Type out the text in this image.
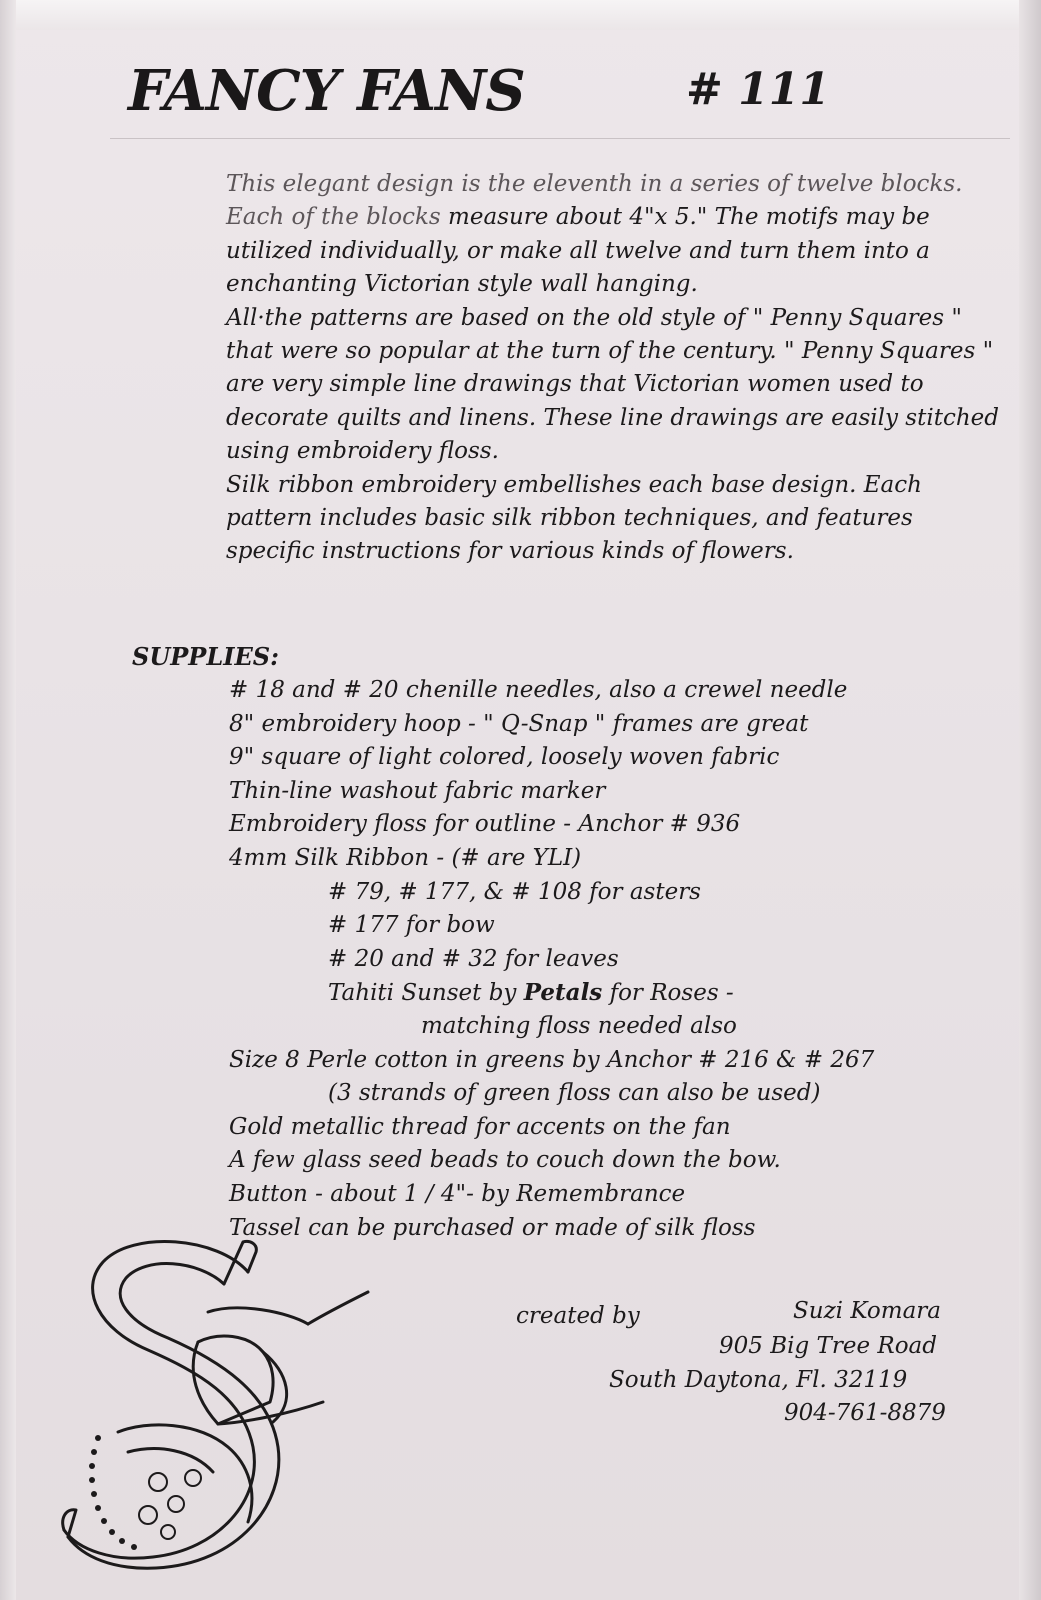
FANCY FANS	# 111

This elegant design is the eleventh in a series of twelve blocks. Each of the blocks measure about 4"x 5." The motifs may be utilized individually, or make all twelve and turn them into a enchanting Victorian style wall hanging.

All·the patterns are based on the old style of " Penny Squares " that were so popular at the turn of the century. " Penny Squares " are very simple line drawings that Victorian women used to decorate quilts and linens. These line drawings are easily stitched using embroidery floss.

Silk ribbon embroidery embellishes each base design. Each pattern includes basic silk ribbon techniques, and features specific instructions for various kinds of flowers.

SUPPLIES:
# 18 and # 20 chenille needles, also a crewel needle
8" embroidery hoop - " Q-Snap " frames are great
9" square of light colored, loosely woven fabric
Thin-line washout fabric marker
Embroidery floss for outline - Anchor # 936
4mm Silk Ribbon - (# are YLI)
# 79, # 177, & # 108 for asters
# 177 for bow
# 20 and # 32 for leaves
Tahiti Sunset by Petals for Roses -
matching floss needed also
Size 8 Perle cotton in greens by Anchor # 216 & # 267
(3 strands of green floss can also be used)
Gold metallic thread for accents on the fan
A few glass seed beads to couch down the bow.
Button - about 1 / 4"- by Remembrance
Tassel can be purchased or made of silk floss
created by	Suzi Komara
905 Big Tree Road
South Daytona, Fl. 32119
904-761-8879
